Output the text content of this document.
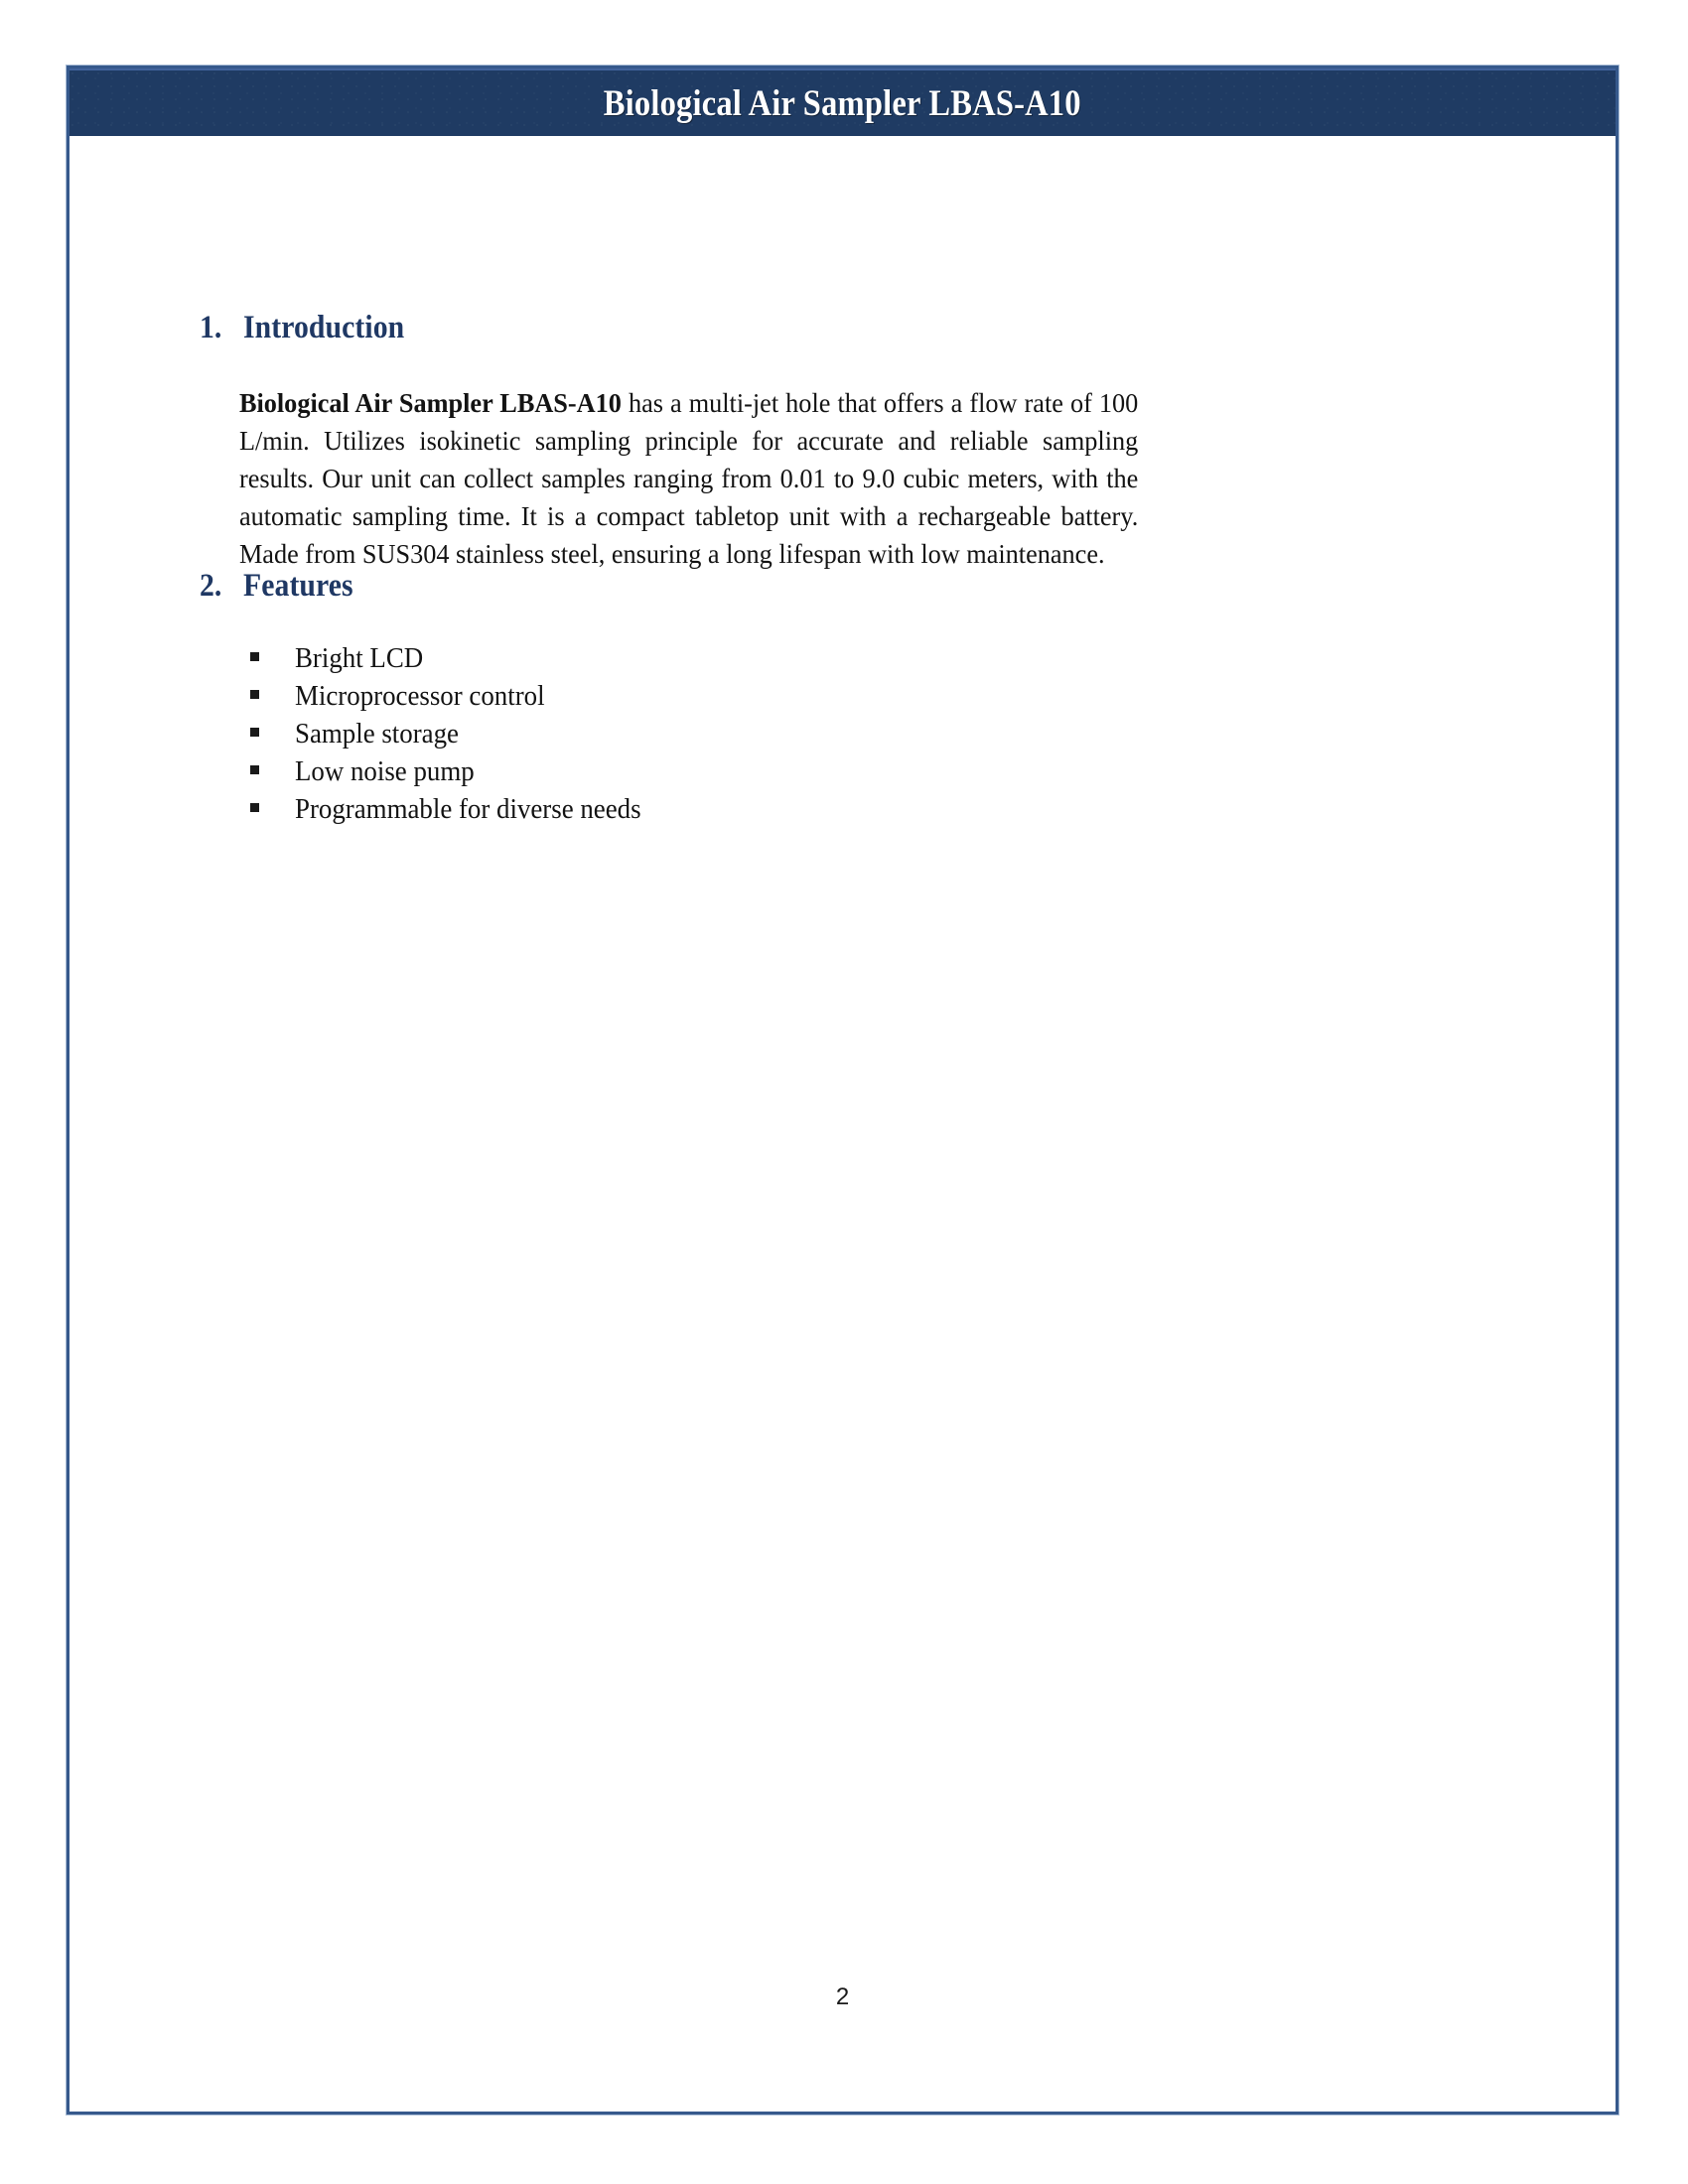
Biological Air Sampler LBAS-A10
1. Introduction

Biological Air Sampler LBAS-A10 has a multi-jet hole that offers a flow rate of 100 L/min. Utilizes isokinetic sampling principle for accurate and reliable sampling results. Our unit can collect samples ranging from 0.01 to 9.0 cubic meters, with the automatic sampling time. It is a compact tabletop unit with a rechargeable battery. Made from SUS304 stainless steel, ensuring a long lifespan with low maintenance.

2. Features
Bright LCD
Microprocessor control
Sample storage
Low noise pump
Programmable for diverse needs
2
